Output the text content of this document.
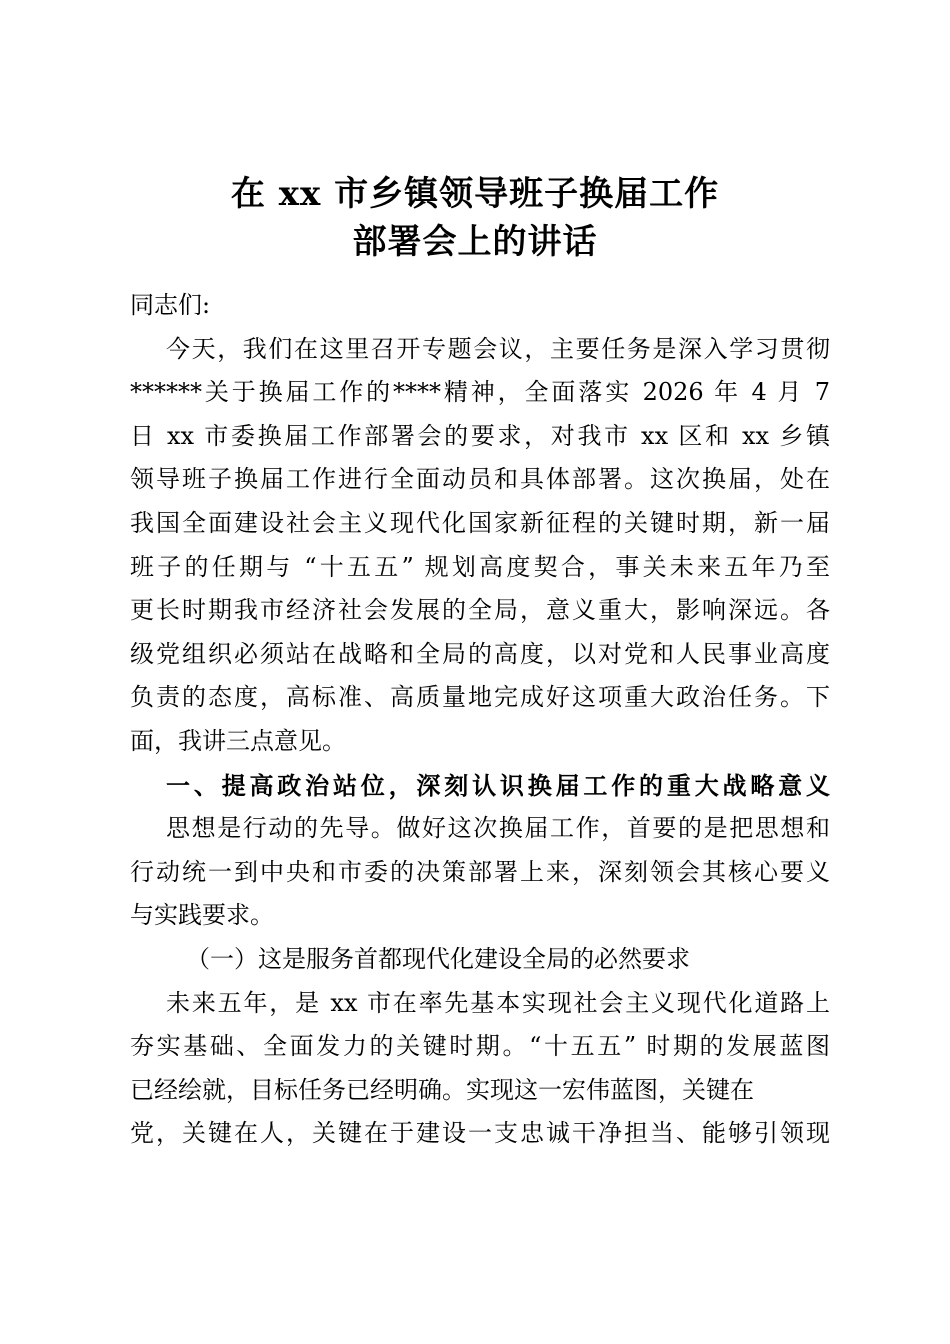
在 xx 市乡镇领导班子换届工作
部署会上的讲话
同志们:
今天，我们在这里召开专题会议，主要任务是深入学习贯彻
******关于换届工作的****精神，全面落实 2026 年 4 月 7
日 xx 市委换届工作部署会的要求，对我市 xx 区和 xx 乡镇
领导班子换届工作进行全面动员和具体部署。这次换届，处在
我国全面建设社会主义现代化国家新征程的关键时期，新一届
班子的任期与 “十五五” 规划高度契合，事关未来五年乃至
更长时期我市经济社会发展的全局，意义重大，影响深远。各
级党组织必须站在战略和全局的高度，以对党和人民事业高度
负责的态度，高标准、高质量地完成好这项重大政治任务。下
面，我讲三点意见。
一、提高政治站位，深刻认识换届工作的重大战略意义
思想是行动的先导。做好这次换届工作，首要的是把思想和
行动统一到中央和市委的决策部署上来，深刻领会其核心要义
与实践要求。
（一）这是服务首都现代化建设全局的必然要求
未来五年，是 xx 市在率先基本实现社会主义现代化道路上
夯实基础、全面发力的关键时期。“十五五” 时期的发展蓝图
已经绘就，目标任务已经明确。实现这一宏伟蓝图，关键在
党，关键在人，关键在于建设一支忠诚干净担当、能够引领现
